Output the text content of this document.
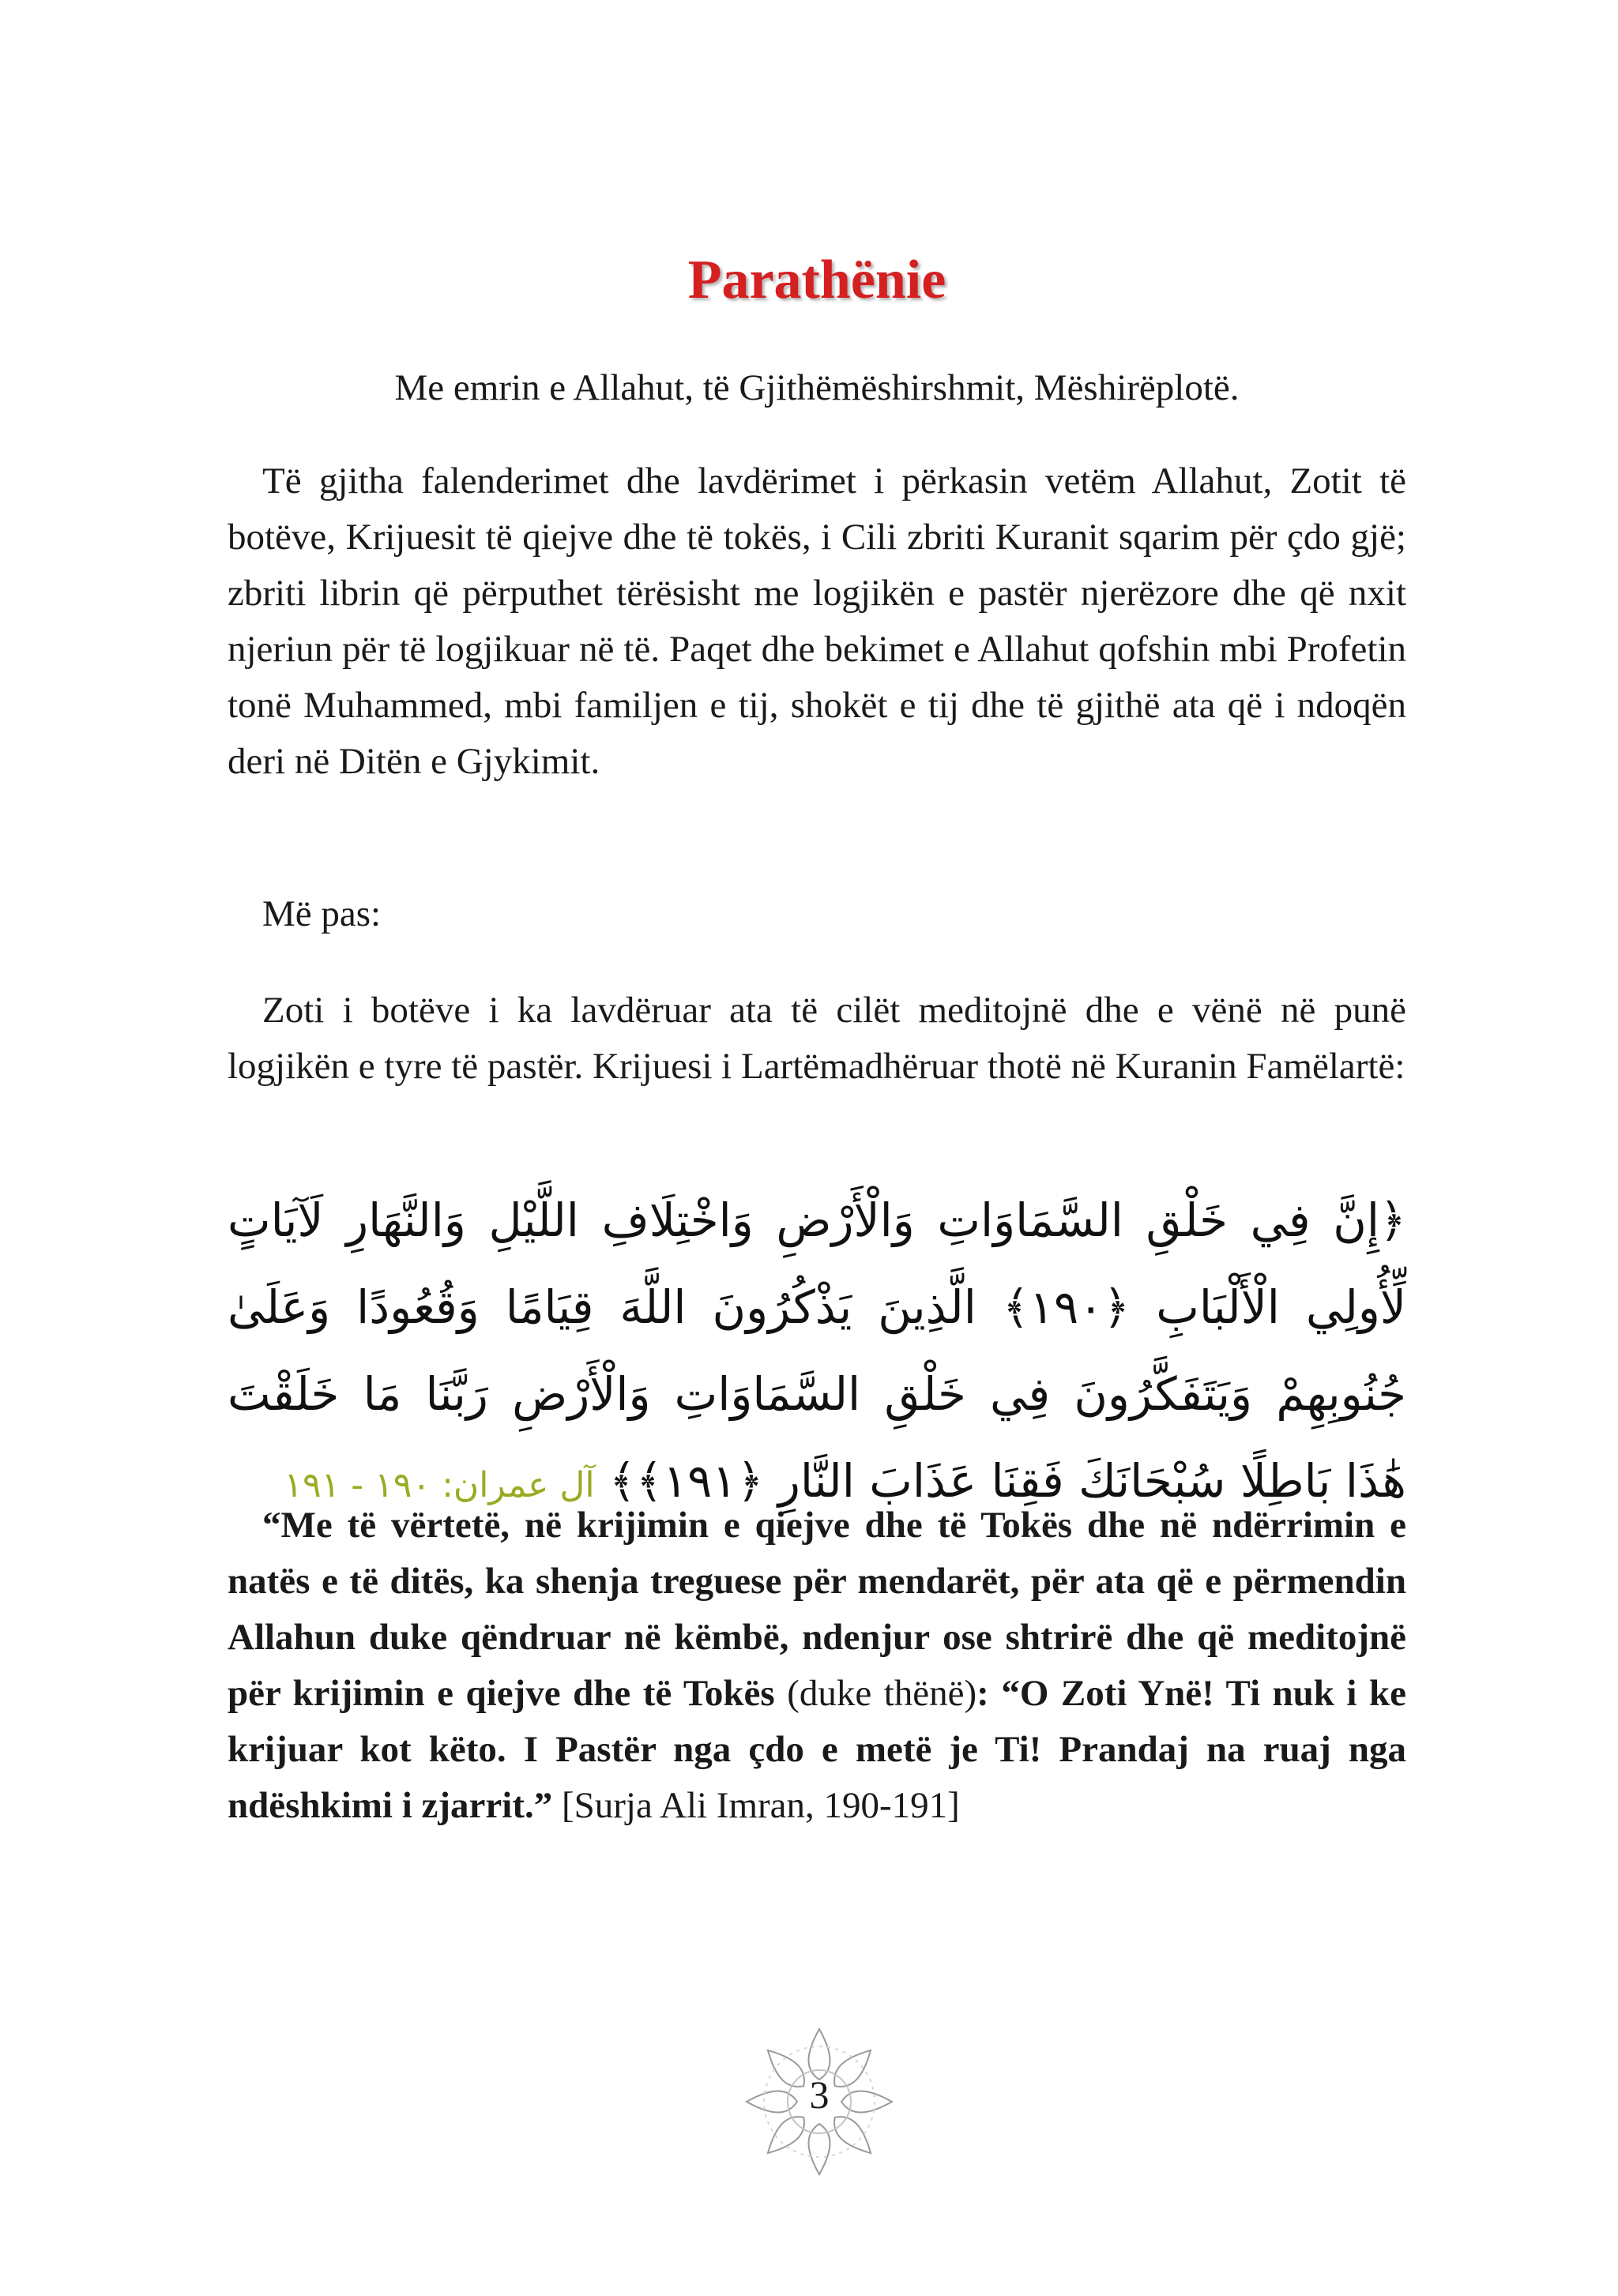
Parathënie

Me emrin e Allahut, të Gjithëmëshirshmit, Mëshirëplotë.

Të gjitha falenderimet dhe lavdërimet i përkasin vetëm Allahut, Zotit të botëve, Krijuesit të qiejve dhe të tokës, i Cili zbriti Kuranit sqarim për çdo gjë; zbriti librin që përputhet tërësisht me logjikën e pastër njerëzore dhe që nxit njeriun për të logjikuar në të. Paqet dhe bekimet e Allahut qofshin mbi Profetin tonë Muhammed, mbi familjen e tij, shokët e tij dhe të gjithë ata që i ndoqën deri në Ditën e Gjykimit.

Më pas:

Zoti i botëve i ka lavdëruar ata të cilët meditojnë dhe e vënë në punë logjikën e tyre të pastër. Krijuesi i Lartëmadhëruar thotë në Kuranin Famëlartë:

﴿إِنَّ فِي خَلْقِ السَّمَاوَاتِ وَالْأَرْضِ وَاخْتِلَافِ اللَّيْلِ وَالنَّهَارِ لَآيَاتٍ لِّأُولِي الْأَلْبَابِ ﴿١٩٠﴾ الَّذِينَ يَذْكُرُونَ اللَّهَ قِيَامًا وَقُعُودًا وَعَلَىٰ جُنُوبِهِمْ وَيَتَفَكَّرُونَ فِي خَلْقِ السَّمَاوَاتِ وَالْأَرْضِ رَبَّنَا مَا خَلَقْتَ هَٰذَا بَاطِلًا سُبْحَانَكَ فَقِنَا عَذَابَ النَّارِ ﴿١٩١﴾﴾ آل عمران: ١٩٠ - ١٩١

“Me të vërtetë, në krijimin e qiejve dhe të Tokës dhe në ndërrimin e natës e të ditës, ka shenja treguese për mendarët, për ata që e përmendin Allahun duke qëndruar në këmbë, ndenjur ose shtrirë dhe që meditojnë për krijimin e qiejve dhe të Tokës (duke thënë): “O Zoti Ynë! Ti nuk i ke krijuar kot këto. I Pastër nga çdo e metë je Ti! Prandaj na ruaj nga ndëshkimi i zjarrit.” [Surja Ali Imran, 190-191]

3
